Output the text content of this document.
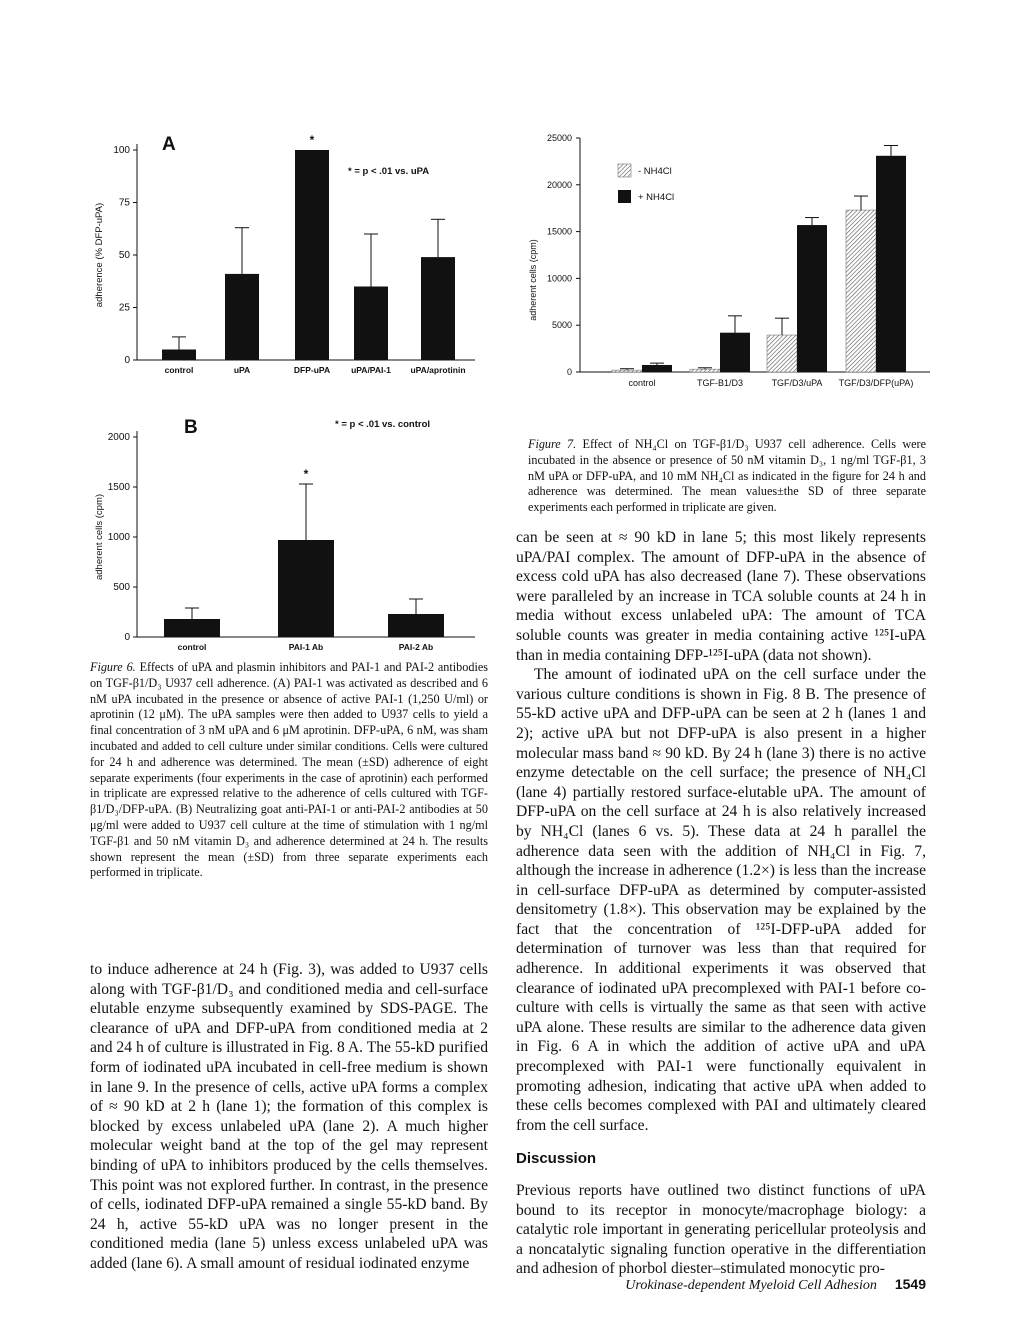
0
25
50
75
100
adherence (% DFP-uPA)
A
* = p < .01 vs. uPA
control	uPA
*
DFP-uPA uPA/PAI-1 uPA/aprotinin
0
500
1000
1500
2000
adherent cells (cpm)
B	* = p < .01 vs. control
control
*
PAI-1 Ab	PAI-2 Ab
0
5000
10000
15000
20000
25000
adherent cells (cpm)
control	TGF-B1/D3	TGF/D3/uPA TGF/D3/DFP(uPA)
- NH4Cl
+ NH4Cl
Figure 6. Effects of uPA and plasmin inhibitors and PAI-1 and PAI-2 antibodies on TGF-β1/D₃ U937 cell adherence. (A) PAI-1 was activated as described and 6 nM uPA incubated in the presence or absence of active PAI-1 (1,250 U/ml) or aprotinin (12 μM). The uPA samples were then added to U937 cells to yield a final concentration of 3 nM uPA and 6 μM aprotinin. DFP-uPA, 6 nM, was sham incubated and added to cell culture under similar conditions. Cells were cultured for 24 h and adherence was determined. The mean (±SD) adherence of eight separate experiments (four experiments in the case of aprotinin) each performed in triplicate are expressed relative to the adherence of cells cultured with TGF-β1/D₃/DFP-uPA. (B) Neutralizing goat anti-PAI-1 or anti-PAI-2 antibodies at 50 μg/ml were added to U937 cell culture at the time of stimulation with 1 ng/ml TGF-β1 and 50 nM vitamin D₃ and adherence determined at 24 h. The results shown represent the mean (±SD) from three separate experiments each performed in triplicate.
Figure 7. Effect of NH₄Cl on TGF-β1/D₃ U937 cell adherence. Cells were incubated in the absence or presence of 50 nM vitamin D₃, 1 ng/ml TGF-β1, 3 nM uPA or DFP-uPA, and 10 mM NH₄Cl as indicated in the figure for 24 h and adherence was determined. The mean values±the SD of three separate experiments each performed in triplicate are given.

to induce adherence at 24 h (Fig. 3), was added to U937 cells along with TGF-β1/D₃ and conditioned media and cell-surface elutable enzyme subsequently examined by SDS-PAGE. The clearance of uPA and DFP-uPA from conditioned media at 2 and 24 h of culture is illustrated in Fig. 8 A. The 55-kD purified form of iodinated uPA incubated in cell-free medium is shown in lane 9. In the presence of cells, active uPA forms a complex of ≈ 90 kD at 2 h (lane 1); the formation of this complex is blocked by excess unlabeled uPA (lane 2). A much higher molecular weight band at the top of the gel may represent binding of uPA to inhibitors produced by the cells themselves. This point was not explored further. In contrast, in the presence of cells, iodinated DFP-uPA remained a single 55-kD band. By 24 h, active 55-kD uPA was no longer present in the conditioned media (lane 5) unless excess unlabeled uPA was added (lane 6). A small amount of residual iodinated enzyme

can be seen at ≈ 90 kD in lane 5; this most likely represents uPA/PAI complex. The amount of DFP-uPA in the absence of excess cold uPA has also decreased (lane 7). These observations were paralleled by an increase in TCA soluble counts at 24 h in media without excess unlabeled uPA: The amount of TCA soluble counts was greater in media containing active ¹²⁵I-uPA than in media containing DFP-¹²⁵I-uPA (data not shown).

The amount of iodinated uPA on the cell surface under the various culture conditions is shown in Fig. 8 B. The presence of 55-kD active uPA and DFP-uPA can be seen at 2 h (lanes 1 and 2); active uPA but not DFP-uPA is also present in a higher molecular mass band ≈ 90 kD. By 24 h (lane 3) there is no active enzyme detectable on the cell surface; the presence of NH₄Cl (lane 4) partially restored surface-elutable uPA. The amount of DFP-uPA on the cell surface at 24 h is also relatively increased by NH₄Cl (lanes 6 vs. 5). These data at 24 h parallel the adherence data seen with the addition of NH₄Cl in Fig. 7, although the increase in adherence (1.2×) is less than the increase in cell-surface DFP-uPA as determined by computer-assisted densitometry (1.8×). This observation may be explained by the fact that the concentration of ¹²⁵I-DFP-uPA added for determination of turnover was less than that required for adherence. In additional experiments it was observed that clearance of iodinated uPA precomplexed with PAI-1 before co-culture with cells is virtually the same as that seen with active uPA alone. These results are similar to the adherence data given in Fig. 6 A in which the addition of active uPA and uPA precomplexed with PAI-1 were functionally equivalent in promoting adhesion, indicating that active uPA when added to these cells becomes complexed with PAI and ultimately cleared from the cell surface.

Discussion

Previous reports have outlined two distinct functions of uPA bound to its receptor in monocyte/macrophage biology: a catalytic role important in generating pericellular proteolysis and a noncatalytic signaling function operative in the differentiation and adhesion of phorbol diester–stimulated monocytic pro-

Urokinase-dependent Myeloid Cell Adhesion 1549
